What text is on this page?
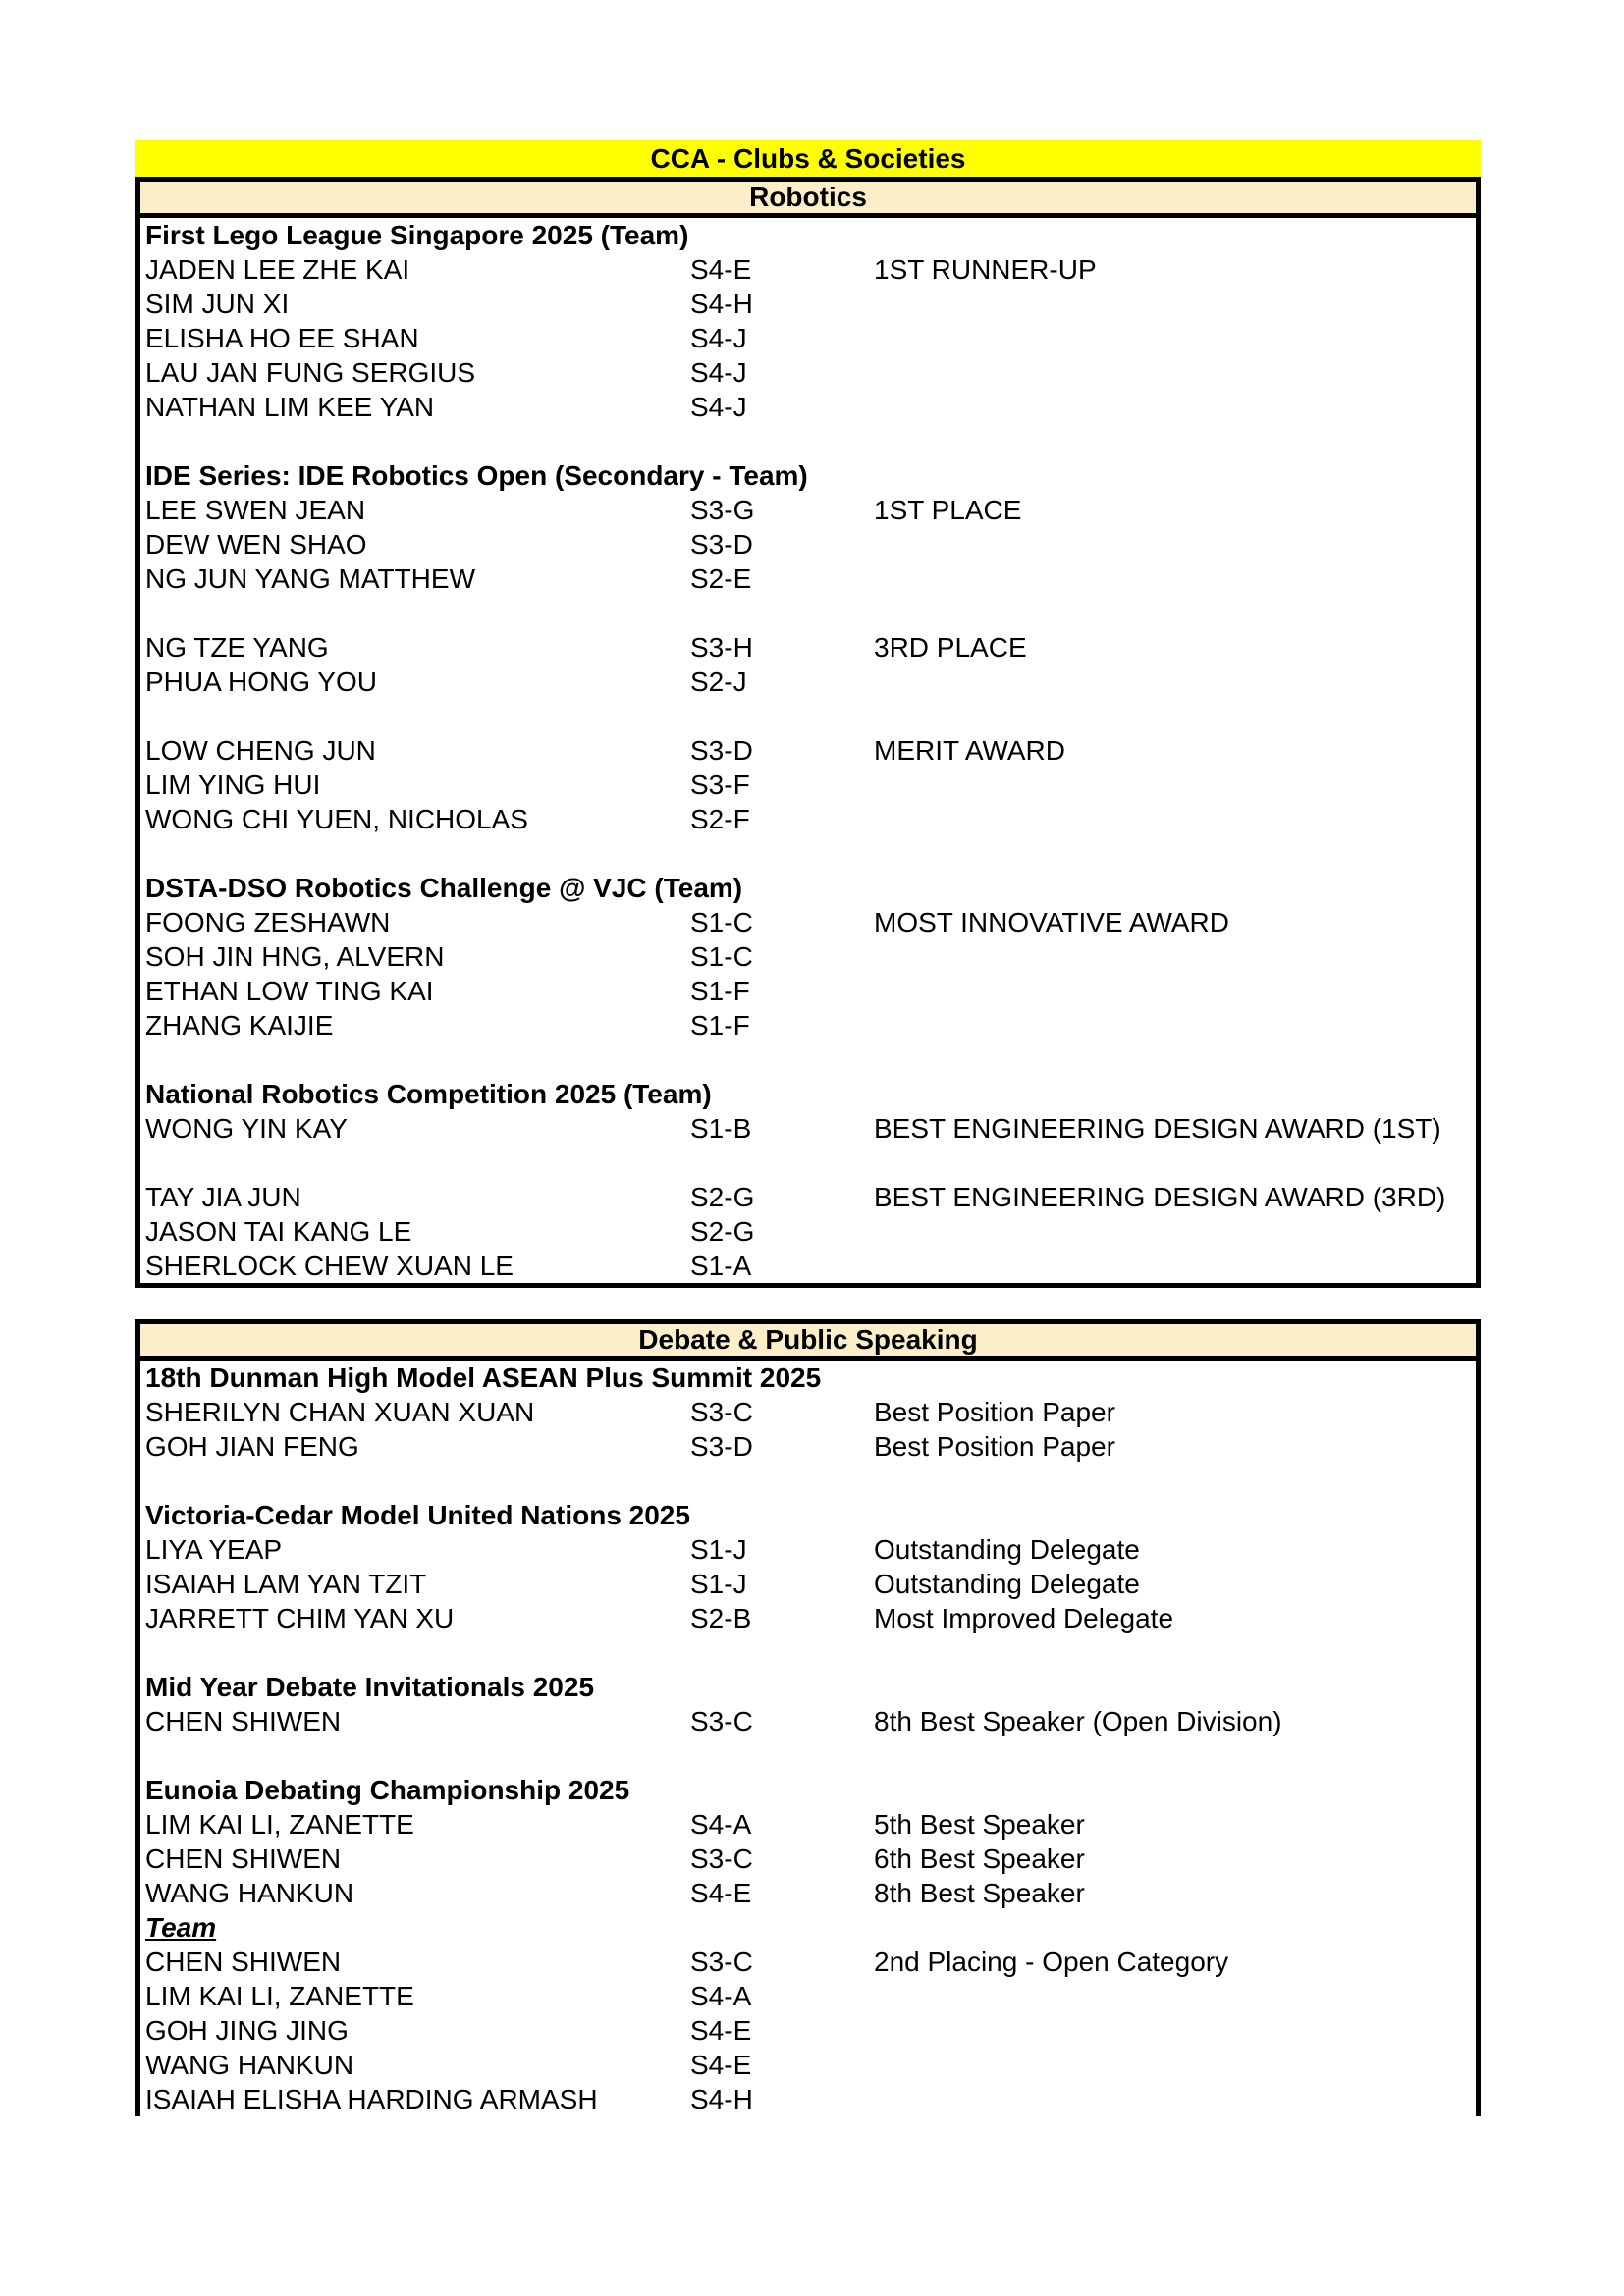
CCA - Clubs & Societies
Robotics
First Lego League Singapore 2025 (Team)
JADEN LEE ZHE KAI	S4-E	1ST RUNNER-UP
SIM JUN XI	S4-H
ELISHA HO EE SHAN	S4-J
LAU JAN FUNG SERGIUS	S4-J
NATHAN LIM KEE YAN	S4-J
IDE Series: IDE Robotics Open (Secondary - Team)
LEE SWEN JEAN	S3-G	1ST PLACE
DEW WEN SHAO	S3-D
NG JUN YANG MATTHEW	S2-E
NG TZE YANG	S3-H	3RD PLACE
PHUA HONG YOU	S2-J
LOW CHENG JUN	S3-D	MERIT AWARD
LIM YING HUI	S3-F
WONG CHI YUEN, NICHOLAS	S2-F
DSTA-DSO Robotics Challenge @ VJC (Team)
FOONG ZESHAWN	S1-C	MOST INNOVATIVE AWARD
SOH JIN HNG, ALVERN	S1-C
ETHAN LOW TING KAI	S1-F
ZHANG KAIJIE	S1-F
National Robotics Competition 2025 (Team)
WONG YIN KAY	S1-B	BEST ENGINEERING DESIGN AWARD (1ST)
TAY JIA JUN	S2-G	BEST ENGINEERING DESIGN AWARD (3RD)
JASON TAI KANG LE	S2-G
SHERLOCK CHEW XUAN LE	S1-A
Debate & Public Speaking
18th Dunman High Model ASEAN Plus Summit 2025
SHERILYN CHAN XUAN XUAN	S3-C	Best Position Paper
GOH JIAN FENG	S3-D	Best Position Paper
Victoria-Cedar Model United Nations 2025
LIYA YEAP	S1-J	Outstanding Delegate
ISAIAH LAM YAN TZIT	S1-J	Outstanding Delegate
JARRETT CHIM YAN XU	S2-B	Most Improved Delegate
Mid Year Debate Invitationals 2025
CHEN SHIWEN	S3-C	8th Best Speaker (Open Division)
Eunoia Debating Championship 2025
LIM KAI LI, ZANETTE	S4-A	5th Best Speaker
CHEN SHIWEN	S3-C	6th Best Speaker
WANG HANKUN	S4-E	8th Best Speaker
Team
CHEN SHIWEN	S3-C	2nd Placing - Open Category
LIM KAI LI, ZANETTE	S4-A
GOH JING JING	S4-E
WANG HANKUN	S4-E
ISAIAH ELISHA HARDING ARMASH	S4-H
